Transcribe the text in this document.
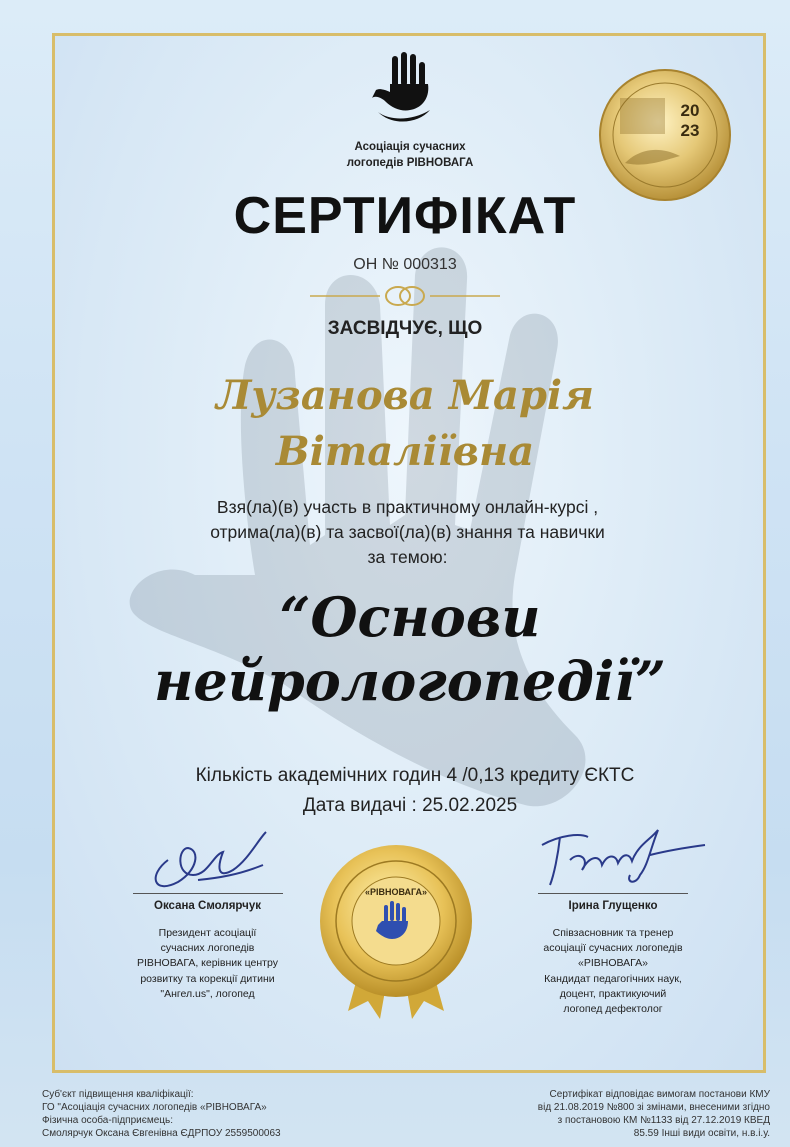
Асоціація сучасних
логопедів РІВНОВАГА
20
23
СЕРТИФІКАТ
ОН № 000313
ЗАСВІДЧУЄ, ЩО
Лузанова Марія
Віталіївна
Взя(ла)(в) участь в практичному онлайн-курсі ,
отрима(ла)(в) та засвої(ла)(в) знання та навички
за темою:
“Основи
нейрологопедії”
Кількість академічних годин 4 /0,13 кредиту ЄКТС
Дата видачі : 25.02.2025
Оксана Смолярчук
Президент асоціації
сучасних логопедів
РІВНОВАГА, керівник центру
розвитку та корекції дитини
"Ангел.us", логопед
Ірина Глущенко
Співзасновник та тренер
асоціації сучасних логопедів
«РІВНОВАГА»
Кандидат педагогічних наук,
доцент, практикуючий
логопед дефектолог
«РІВНОВАГА»
Суб'єкт підвищення кваліфікації:
ГО "Асоціація сучасних логопедів «РІВНОВАГА»
Фізична особа-підприємець:
Смолярчук Оксана Євгенівна ЄДРПОУ 2559500063
Сертифікат відповідає вимогам постанови КМУ
від 21.08.2019 №800 зі змінами, внесеними згідно
з постановою КМ №1133 від 27.12.2019 КВЕД
85.59 Інші види освіти, н.в.і.у.
